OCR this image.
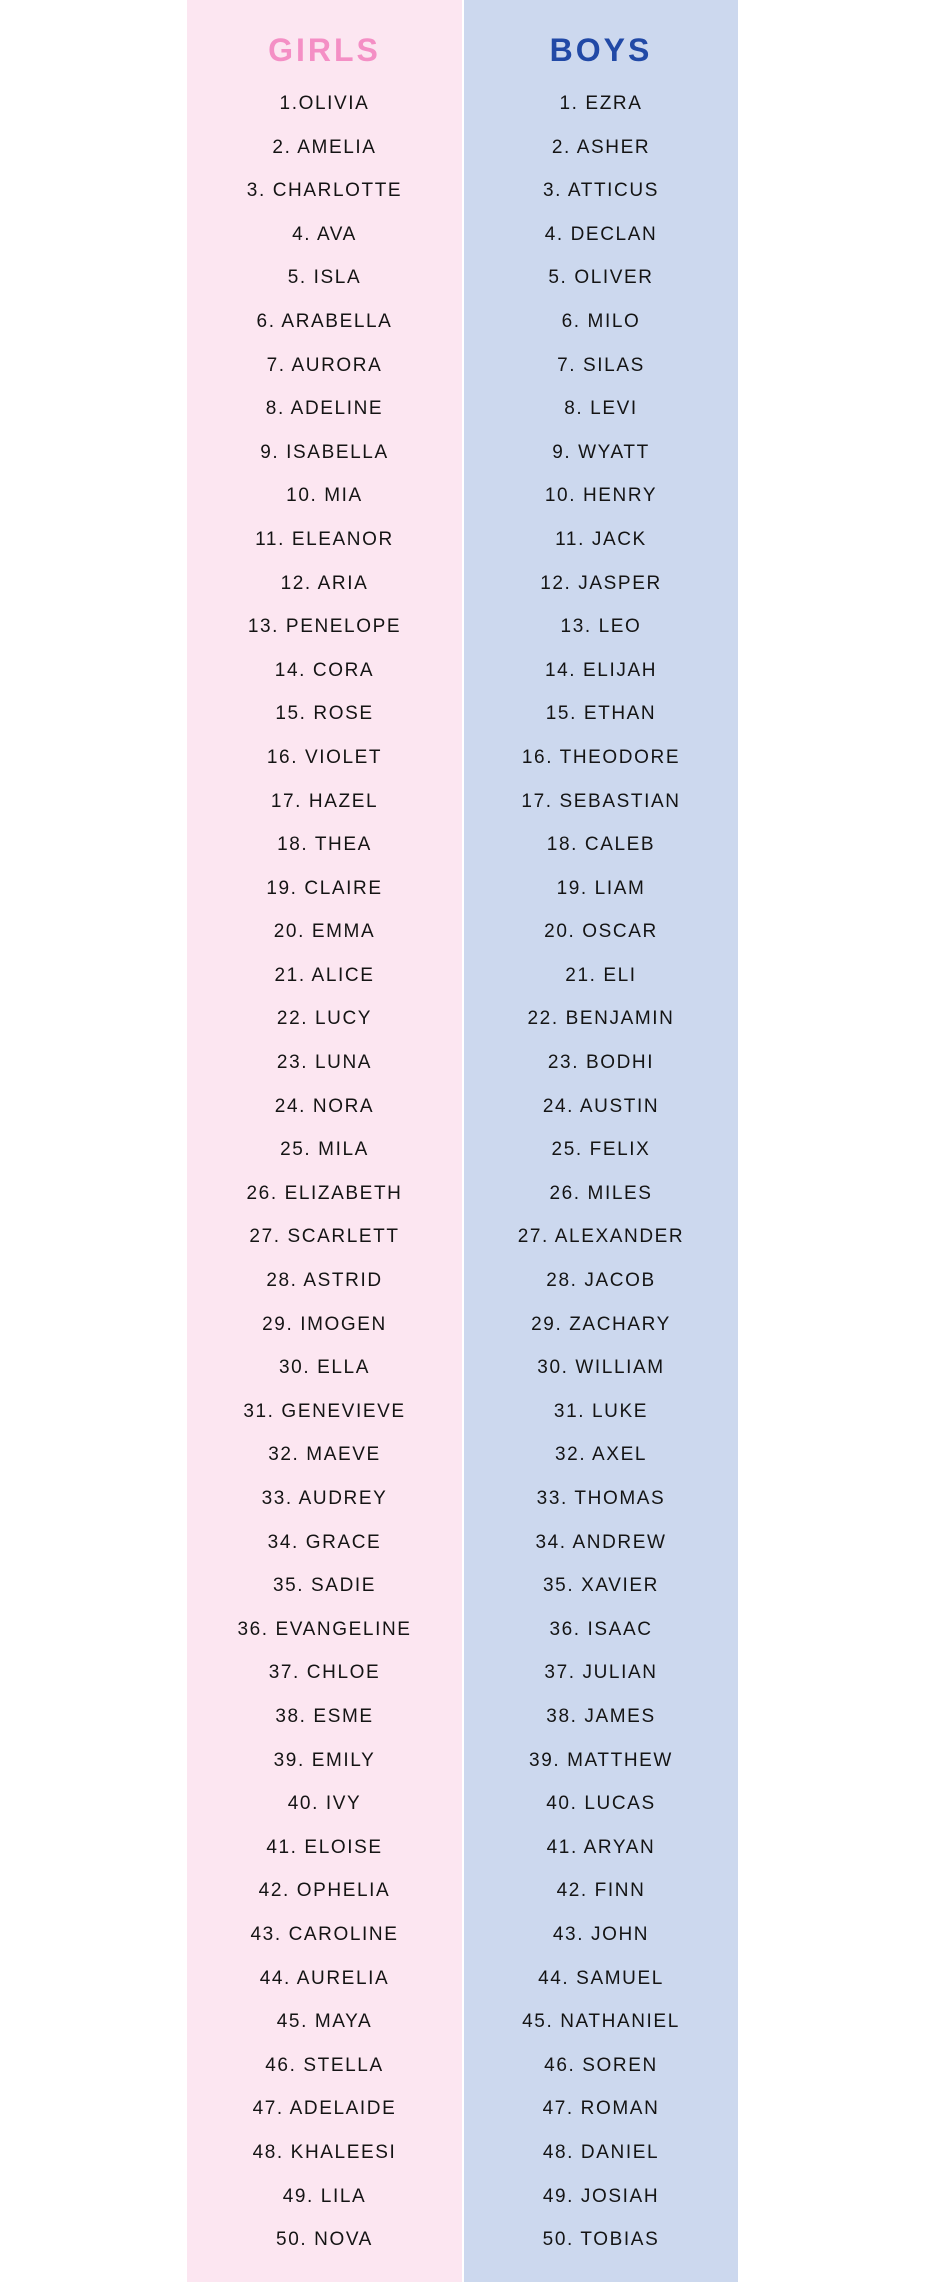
GIRLS
1.OLIVIA
2. AMELIA
3. CHARLOTTE
4. AVA
5. ISLA
6. ARABELLA
7. AURORA
8. ADELINE
9. ISABELLA
10. MIA
11. ELEANOR
12. ARIA
13. PENELOPE
14. CORA
15. ROSE
16. VIOLET
17. HAZEL
18. THEA
19. CLAIRE
20. EMMA
21. ALICE
22. LUCY
23. LUNA
24. NORA
25. MILA
26. ELIZABETH
27. SCARLETT
28. ASTRID
29. IMOGEN
30. ELLA
31. GENEVIEVE
32. MAEVE
33. AUDREY
34. GRACE
35. SADIE
36. EVANGELINE
37. CHLOE
38. ESME
39. EMILY
40. IVY
41. ELOISE
42. OPHELIA
43. CAROLINE
44. AURELIA
45. MAYA
46. STELLA
47. ADELAIDE
48. KHALEESI
49. LILA
50. NOVA
BOYS
1. EZRA
2. ASHER
3. ATTICUS
4. DECLAN
5. OLIVER
6. MILO
7. SILAS
8. LEVI
9. WYATT
10. HENRY
11. JACK
12. JASPER
13. LEO
14. ELIJAH
15. ETHAN
16. THEODORE
17. SEBASTIAN
18. CALEB
19. LIAM
20. OSCAR
21. ELI
22. BENJAMIN
23. BODHI
24. AUSTIN
25. FELIX
26. MILES
27. ALEXANDER
28. JACOB
29. ZACHARY
30. WILLIAM
31. LUKE
32. AXEL
33. THOMAS
34. ANDREW
35. XAVIER
36. ISAAC
37. JULIAN
38. JAMES
39. MATTHEW
40. LUCAS
41. ARYAN
42. FINN
43. JOHN
44. SAMUEL
45. NATHANIEL
46. SOREN
47. ROMAN
48. DANIEL
49. JOSIAH
50. TOBIAS
